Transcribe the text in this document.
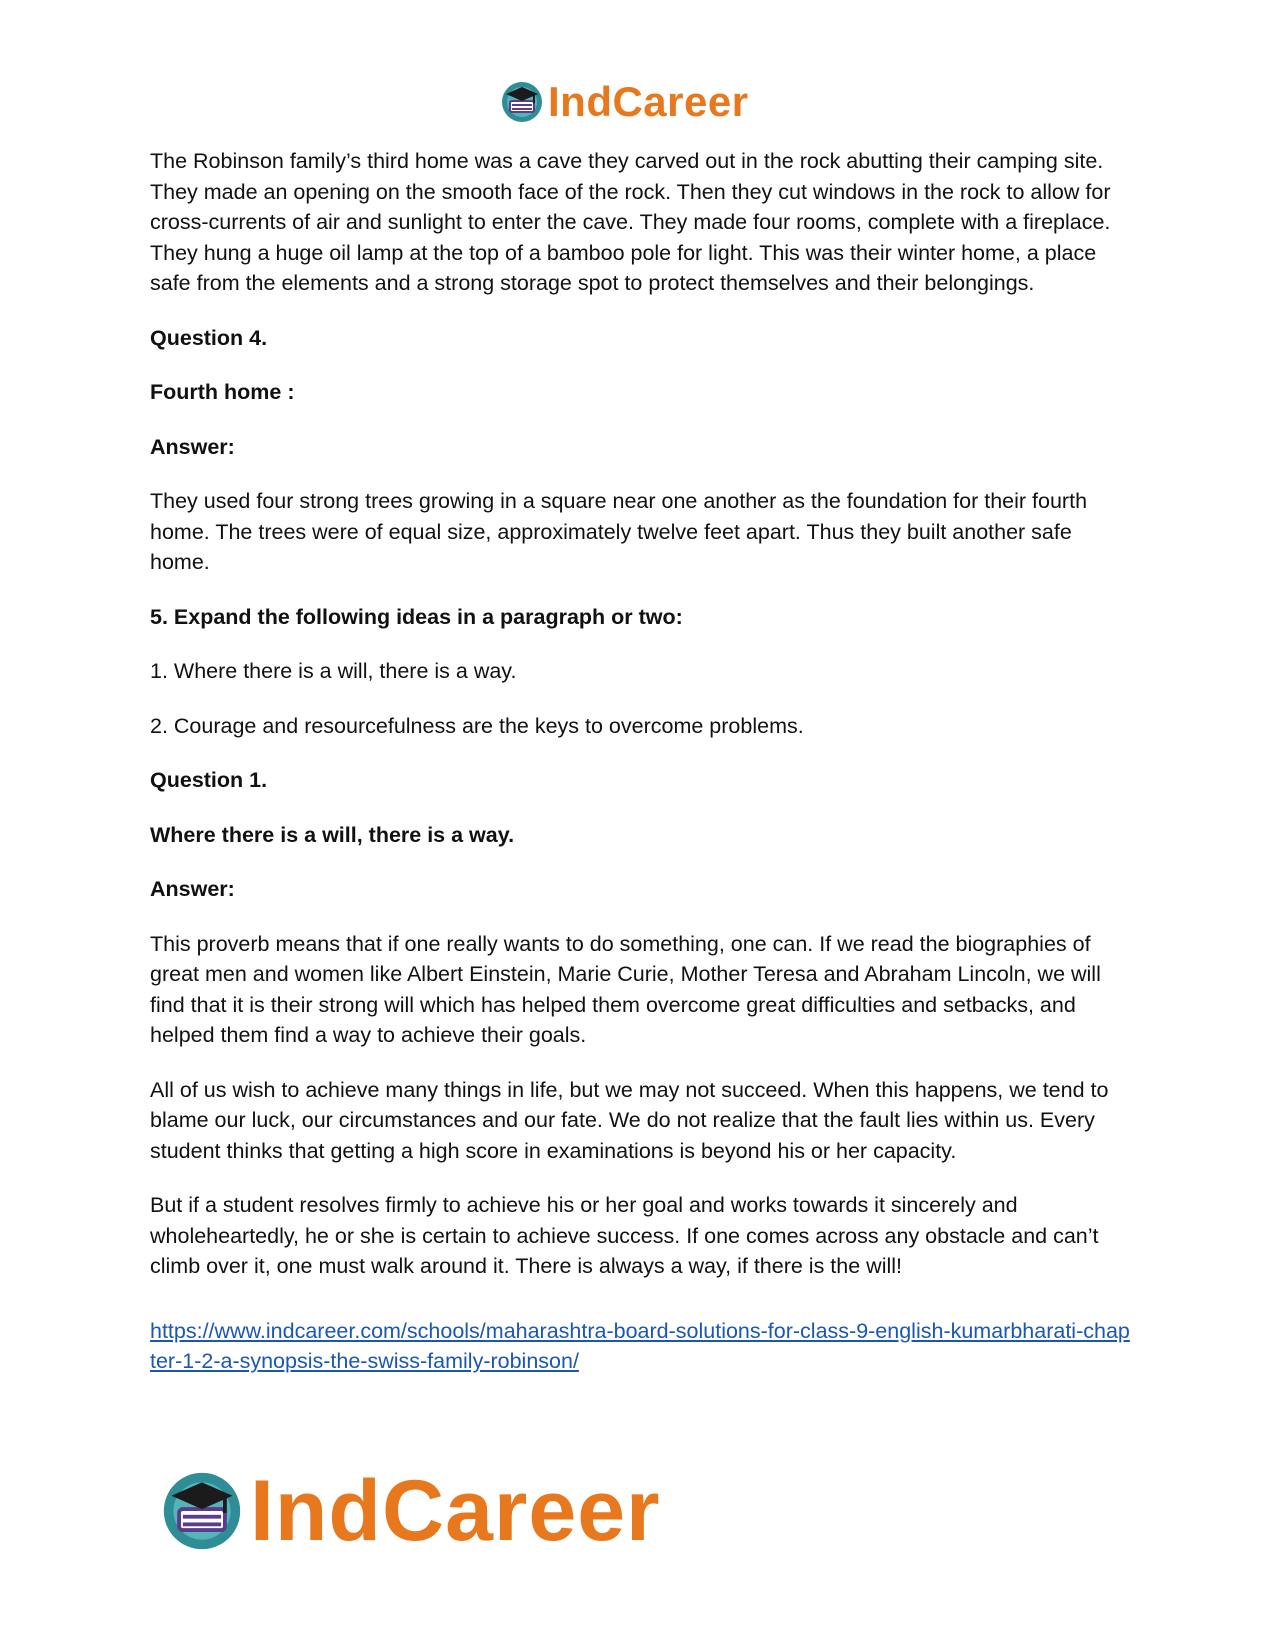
IndCareer

The Robinson family’s third home was a cave they carved out in the rock abutting their camping site. They made an opening on the smooth face of the rock. Then they cut windows in the rock to allow for cross-currents of air and sunlight to enter the cave. They made four rooms, complete with a fireplace. They hung a huge oil lamp at the top of a bamboo pole for light. This was their winter home, a place safe from the elements and a strong storage spot to protect themselves and their belongings.

Question 4.

Fourth home :

Answer:

They used four strong trees growing in a square near one another as the foundation for their fourth home. The trees were of equal size, approximately twelve feet apart. Thus they built another safe home.

5. Expand the following ideas in a paragraph or two:

1. Where there is a will, there is a way.

2. Courage and resourcefulness are the keys to overcome problems.

Question 1.

Where there is a will, there is a way.

Answer:

This proverb means that if one really wants to do something, one can. If we read the biographies of great men and women like Albert Einstein, Marie Curie, Mother Teresa and Abraham Lincoln, we will find that it is their strong will which has helped them overcome great difficulties and setbacks, and helped them find a way to achieve their goals.

All of us wish to achieve many things in life, but we may not succeed. When this happens, we tend to blame our luck, our circumstances and our fate. We do not realize that the fault lies within us. Every student thinks that getting a high score in examinations is beyond his or her capacity.

But if a student resolves firmly to achieve his or her goal and works towards it sincerely and wholeheartedly, he or she is certain to achieve success. If one comes across any obstacle and can’t climb over it, one must walk around it. There is always a way, if there is the will!

https://www.indcareer.com/schools/maharashtra-board-solutions-for-class-9-english-kumarbharati-chapter-1-2-a-synopsis-the-swiss-family-robinson/
IndCareer
